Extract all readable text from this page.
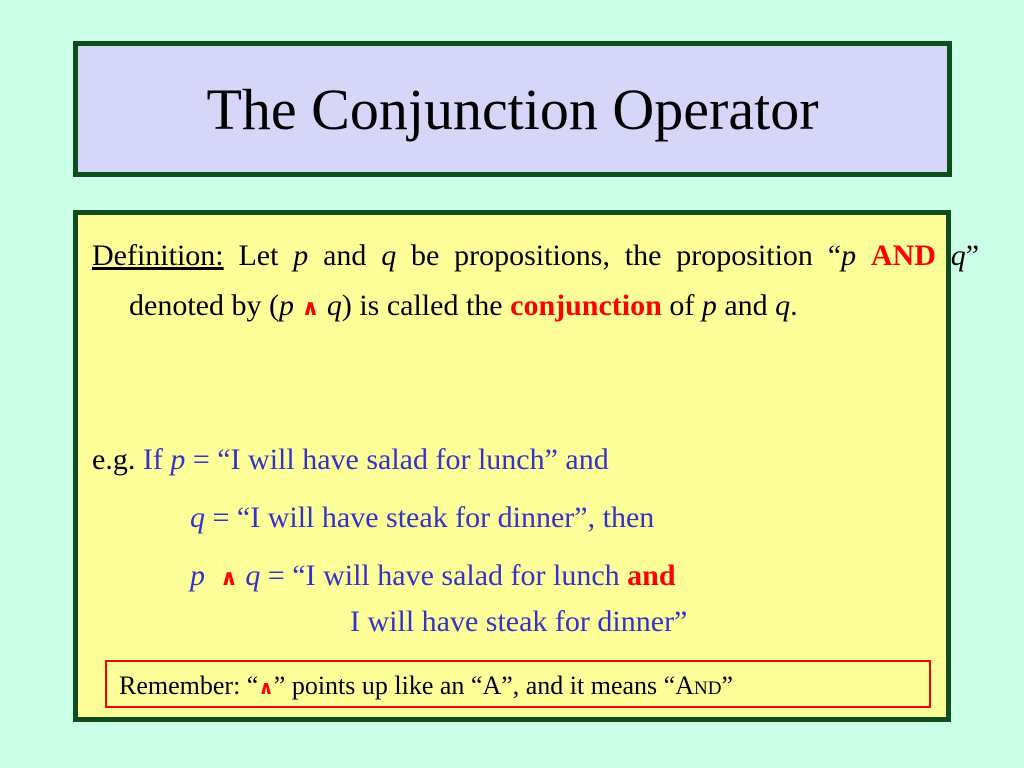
The Conjunction Operator
Definition: Let p and q be propositions, the proposition “p AND q” denoted by (p ∧ q) is called the conjunction of p and q.
e.g. If p = “I will have salad for lunch” and
q = “I will have steak for dinner”, then
p ∧ q = “I will have salad for lunch and
I will have steak for dinner”
Remember: “∧” points up like an “A”, and it means “AND”
